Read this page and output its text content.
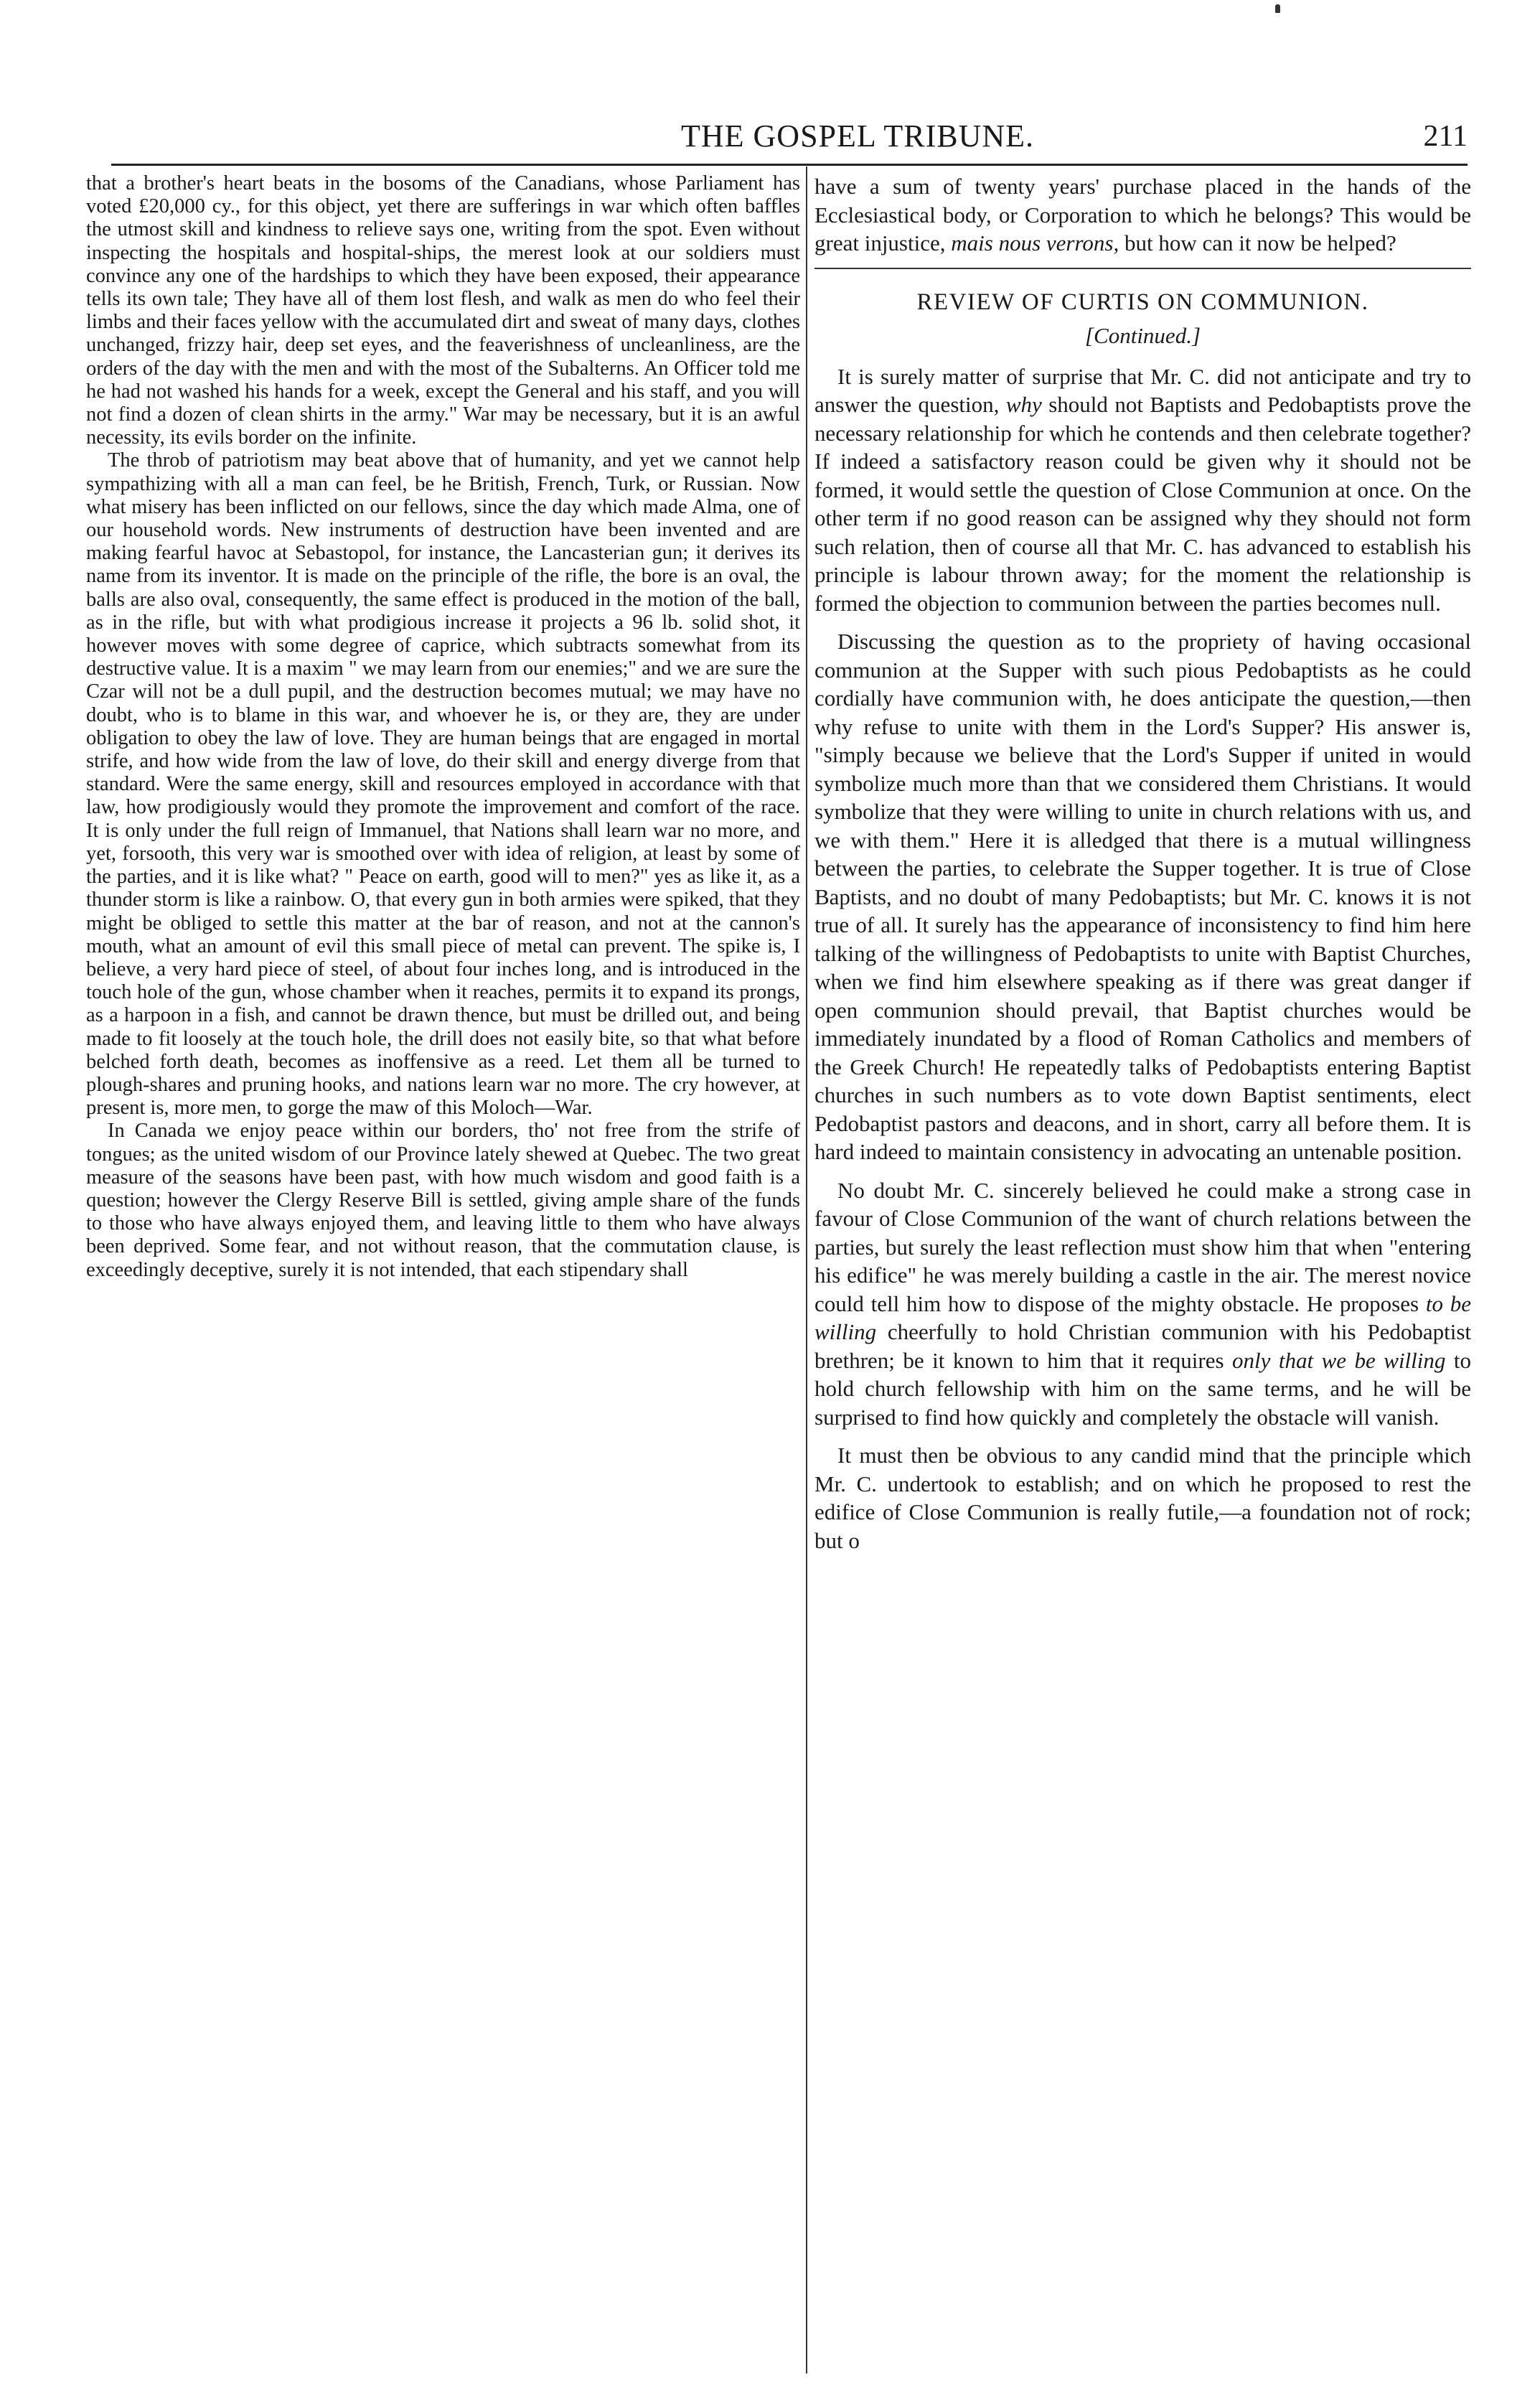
THE GOSPEL TRIBUNE.	211

that a brother's heart beats in the bosoms of the Canadians, whose Parliament has voted £20,000 cy., for this object, yet there are sufferings in war which often baffles the utmost skill and kindness to relieve says one, writing from the spot. Even without inspecting the hospitals and hospital-ships, the merest look at our soldiers must convince any one of the hardships to which they have been exposed, their appearance tells its own tale; They have all of them lost flesh, and walk as men do who feel their limbs and their faces yellow with the accumulated dirt and sweat of many days, clothes unchanged, frizzy hair, deep set eyes, and the feaverishness of uncleanliness, are the orders of the day with the men and with the most of the Subalterns. An Officer told me he had not washed his hands for a week, except the General and his staff, and you will not find a dozen of clean shirts in the army." War may be necessary, but it is an awful necessity, its evils border on the infinite.

The throb of patriotism may beat above that of humanity, and yet we cannot help sympathizing with all a man can feel, be he British, French, Turk, or Russian. Now what misery has been inflicted on our fellows, since the day which made Alma, one of our household words. New instruments of destruction have been invented and are making fearful havoc at Sebastopol, for instance, the Lancasterian gun; it derives its name from its inventor. It is made on the principle of the rifle, the bore is an oval, the balls are also oval, consequently, the same effect is produced in the motion of the ball, as in the rifle, but with what prodigious increase it projects a 96 lb. solid shot, it however moves with some degree of caprice, which subtracts somewhat from its destructive value. It is a maxim " we may learn from our enemies;" and we are sure the Czar will not be a dull pupil, and the destruction becomes mutual; we may have no doubt, who is to blame in this war, and whoever he is, or they are, they are under obligation to obey the law of love. They are human beings that are engaged in mortal strife, and how wide from the law of love, do their skill and energy diverge from that standard. Were the same energy, skill and resources employed in accordance with that law, how prodigiously would they promote the improvement and comfort of the race. It is only under the full reign of Immanuel, that Nations shall learn war no more, and yet, forsooth, this very war is smoothed over with idea of religion, at least by some of the parties, and it is like what? " Peace on earth, good will to men?" yes as like it, as a thunder storm is like a rainbow. O, that every gun in both armies were spiked, that they might be obliged to settle this matter at the bar of reason, and not at the cannon's mouth, what an amount of evil this small piece of metal can prevent. The spike is, I believe, a very hard piece of steel, of about four inches long, and is introduced in the touch hole of the gun, whose chamber when it reaches, permits it to expand its prongs, as a harpoon in a fish, and cannot be drawn thence, but must be drilled out, and being made to fit loosely at the touch hole, the drill does not easily bite, so that what before belched forth death, becomes as inoffensive as a reed. Let them all be turned to plough-shares and pruning hooks, and nations learn war no more. The cry however, at present is, more men, to gorge the maw of this Moloch—War.

In Canada we enjoy peace within our borders, tho' not free from the strife of tongues; as the united wisdom of our Province lately shewed at Quebec. The two great measure of the seasons have been past, with how much wisdom and good faith is a question; however the Clergy Reserve Bill is settled, giving ample share of the funds to those who have always enjoyed them, and leaving little to them who have always been deprived. Some fear, and not without reason, that the commutation clause, is exceedingly deceptive, surely it is not intended, that each stipendary shall

have a sum of twenty years' purchase placed in the hands of the Ecclesiastical body, or Corporation to which he belongs? This would be great injustice, mais nous verrons, but how can it now be helped?

REVIEW OF CURTIS ON COMMUNION.
[Continued.]

It is surely matter of surprise that Mr. C. did not anticipate and try to answer the question, why should not Baptists and Pedobaptists prove the necessary relationship for which he contends and then celebrate together? If indeed a satisfactory reason could be given why it should not be formed, it would settle the question of Close Communion at once. On the other term if no good reason can be assigned why they should not form such relation, then of course all that Mr. C. has advanced to establish his principle is labour thrown away; for the moment the relationship is formed the objection to communion between the parties becomes null.

Discussing the question as to the propriety of having occasional communion at the Supper with such pious Pedobaptists as he could cordially have communion with, he does anticipate the question,—then why refuse to unite with them in the Lord's Supper? His answer is, "simply because we believe that the Lord's Supper if united in would symbolize much more than that we considered them Christians. It would symbolize that they were willing to unite in church relations with us, and we with them." Here it is alledged that there is a mutual willingness between the parties, to celebrate the Supper together. It is true of Close Baptists, and no doubt of many Pedobaptists; but Mr. C. knows it is not true of all. It surely has the appearance of inconsistency to find him here talking of the willingness of Pedobaptists to unite with Baptist Churches, when we find him elsewhere speaking as if there was great danger if open communion should prevail, that Baptist churches would be immediately inundated by a flood of Roman Catholics and members of the Greek Church! He repeatedly talks of Pedobaptists entering Baptist churches in such numbers as to vote down Baptist sentiments, elect Pedobaptist pastors and deacons, and in short, carry all before them. It is hard indeed to maintain consistency in advocating an untenable position.

No doubt Mr. C. sincerely believed he could make a strong case in favour of Close Communion of the want of church relations between the parties, but surely the least reflection must show him that when "entering his edifice" he was merely building a castle in the air. The merest novice could tell him how to dispose of the mighty obstacle. He proposes to be willing cheerfully to hold Christian communion with his Pedobaptist brethren; be it known to him that it requires only that we be willing to hold church fellowship with him on the same terms, and he will be surprised to find how quickly and completely the obstacle will vanish.

It must then be obvious to any candid mind that the principle which Mr. C. undertook to establish; and on which he proposed to rest the edifice of Close Communion is really futile,—a foundation not of rock; but o
